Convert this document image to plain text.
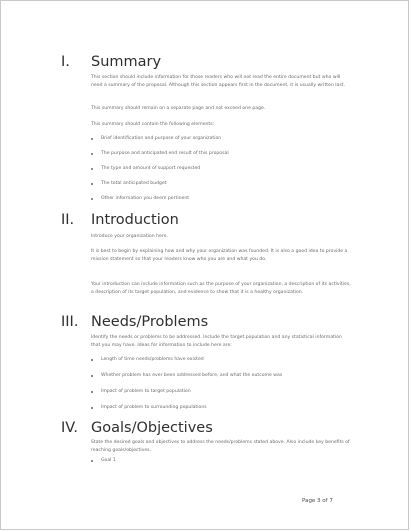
I. Summary

This section should include information for those readers who will not read the entire document but who will need a summary of the proposal. Although this section appears first in the document, it is usually written last.

This summary should remain on a separate page and not exceed one page.

This summary should contain the following elements:

Brief identification and purpose of your organization
The purpose and anticipated end result of this proposal
The type and amount of support requested
The total anticipated budget
Other information you deem pertinent
II. Introduction

Introduce your organization here.

It is best to begin by explaining how and why your organization was founded. It is also a good idea to provide a mission statement so that your readers know who you are and what you do.

Your introduction can include information such as the purpose of your organization, a description of its activities, a description of its target population, and evidence to show that it is a healthy organization.

III. Needs/Problems

Identify the needs or problems to be addressed. Include the target population and any statistical information that you may have. Ideas for information to include here are:

Length of time needs/problems have existed
Whether problem has ever been addressed before, and what the outcome was
Impact of problem to target population
Impact of problem to surrounding populations
IV. Goals/Objectives

State the desired goals and objectives to address the needs/problems stated above. Also include key benefits of reaching goals/objectives.

Goal 1
Page 3 of 7
